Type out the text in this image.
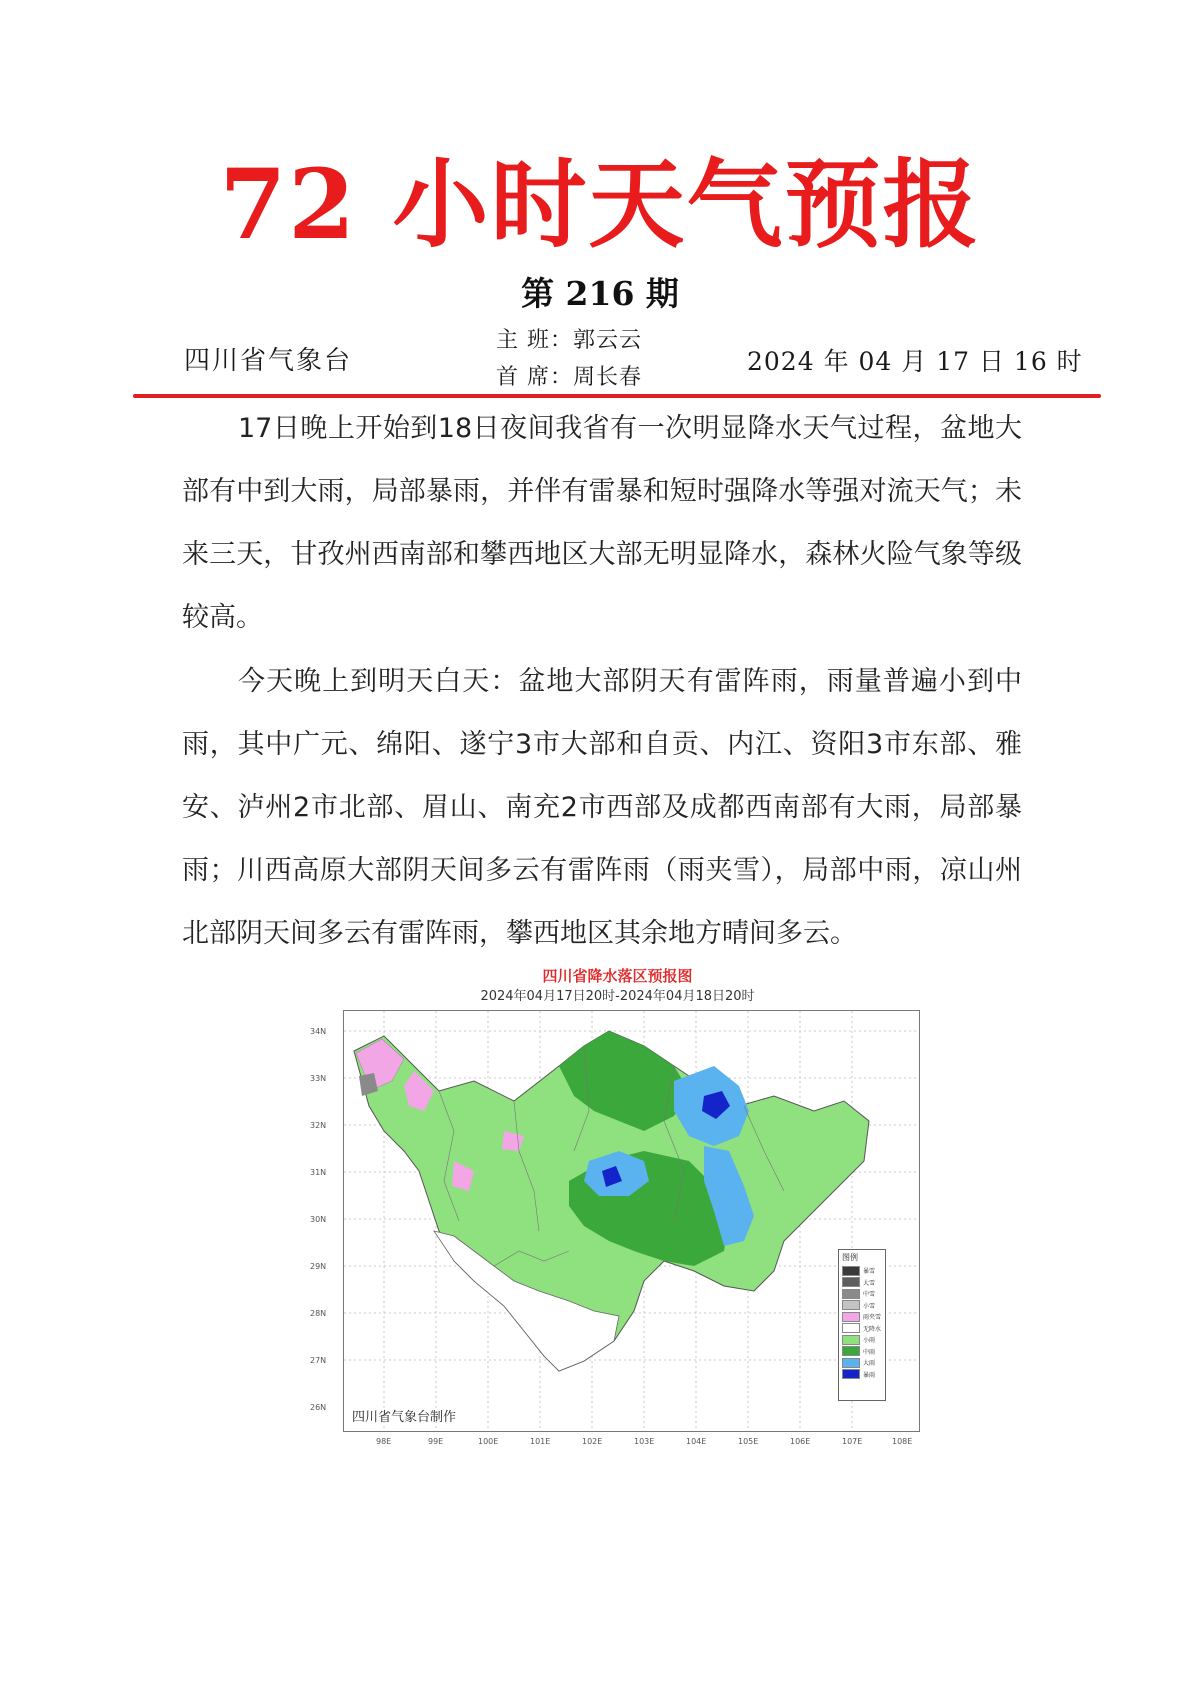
72 小时天气预报
第 216 期
四川省气象台
主 班：郭云云
首 席：周长春
2024 年 04 月 17 日 16 时
17日晚上开始到18日夜间我省有一次明显降水天气过程，盆地大部有中到大雨，局部暴雨，并伴有雷暴和短时强降水等强对流天气；未来三天，甘孜州西南部和攀西地区大部无明显降水，森林火险气象等级较高。
今天晚上到明天白天：盆地大部阴天有雷阵雨，雨量普遍小到中雨，其中广元、绵阳、遂宁3市大部和自贡、内江、资阳3市东部、雅安、泸州2市北部、眉山、南充2市西部及成都西南部有大雨，局部暴雨；川西高原大部阴天间多云有雷阵雨（雨夹雪），局部中雨，凉山州北部阴天间多云有雷阵雨，攀西地区其余地方晴间多云。
四川省降水落区预报图
2024年04月17日20时-2024年04月18日20时
34N
33N
32N
31N
30N
29N
28N
27N
26N
98E	99E	100E	101E	102E	103E	104E	105E	106E	107E	108E
四川省气象台制作
图例
暴雪
大雪
中雪
小雪
雨夹雪
无降水
小雨
中雨
大雨
暴雨
